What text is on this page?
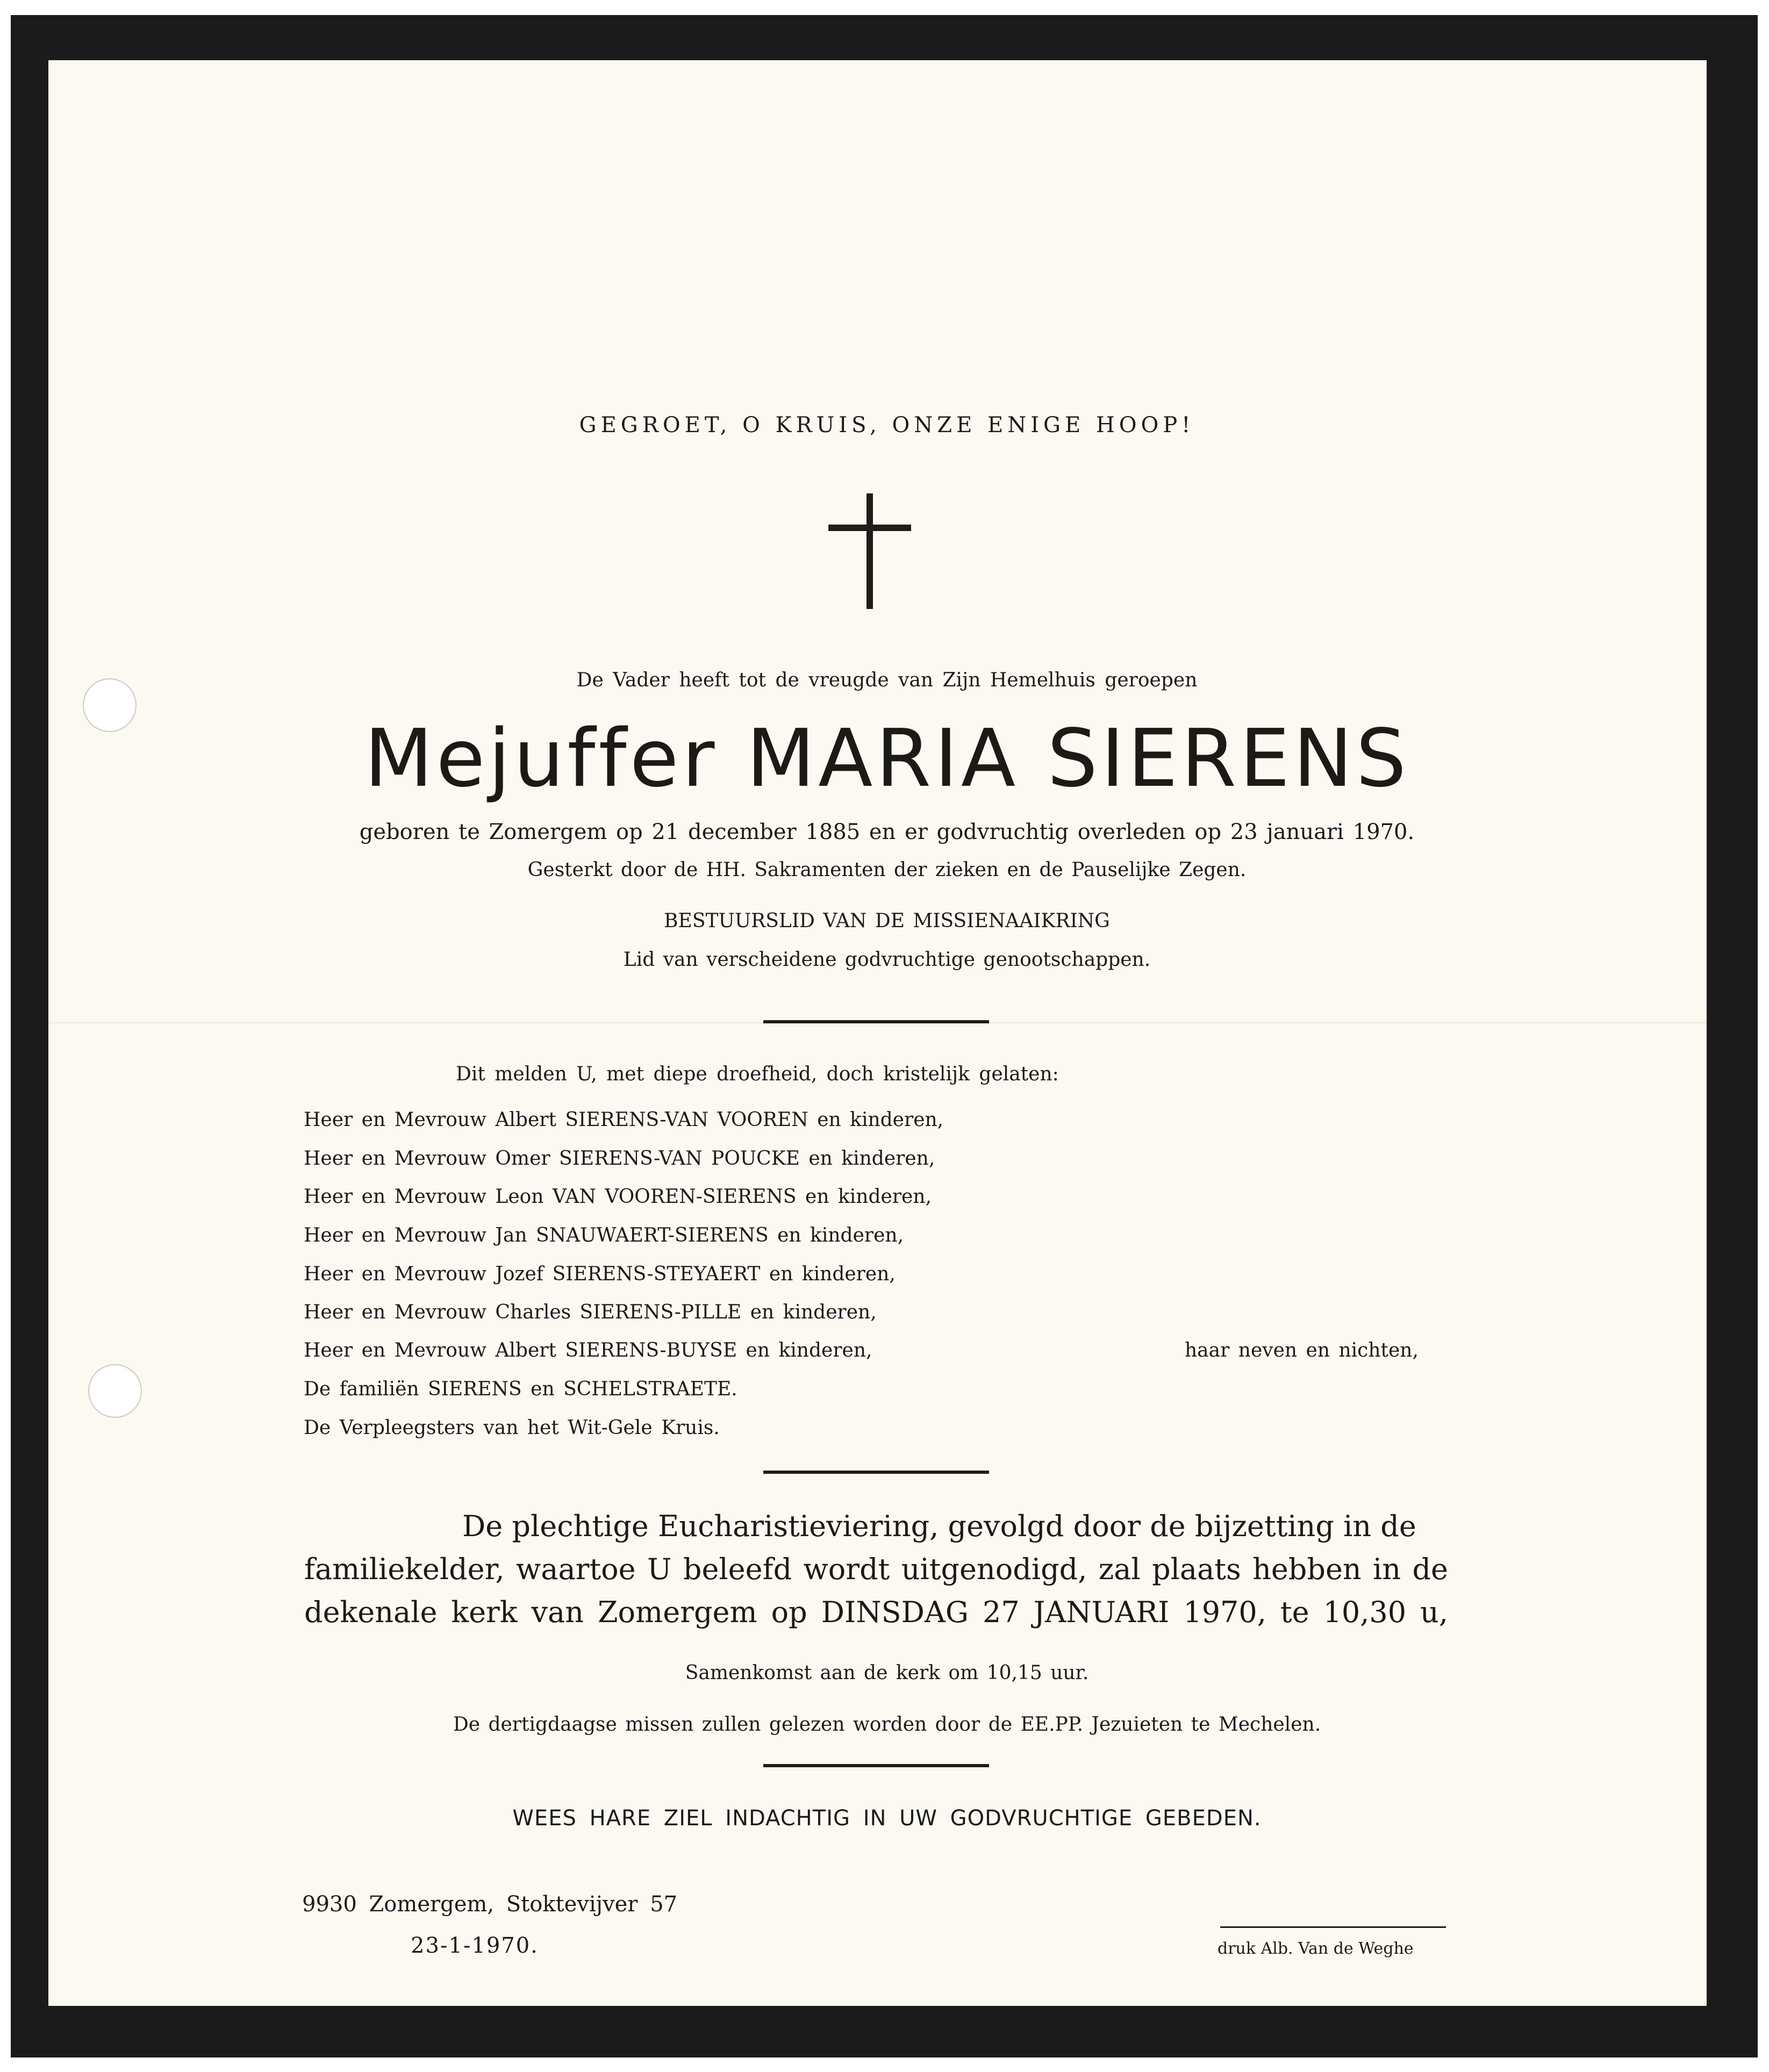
GEGROET, O KRUIS, ONZE ENIGE HOOP!
De Vader heeft tot de vreugde van Zijn Hemelhuis geroepen
Mejuffer MARIA SIERENS
geboren te Zomergem op 21 december 1885 en er godvruchtig overleden op 23 januari 1970.
Gesterkt door de HH. Sakramenten der zieken en de Pauselijke Zegen.
BESTUURSLID VAN DE MISSIENAAIKRING
Lid van verscheidene godvruchtige genootschappen.
Dit melden U, met diepe droefheid, doch kristelijk gelaten:
Heer en Mevrouw Albert SIERENS-VAN VOOREN en kinderen,
Heer en Mevrouw Omer SIERENS-VAN POUCKE en kinderen,
Heer en Mevrouw Leon VAN VOOREN-SIERENS en kinderen,
Heer en Mevrouw Jan SNAUWAERT-SIERENS en kinderen,
Heer en Mevrouw Jozef SIERENS-STEYAERT en kinderen,
Heer en Mevrouw Charles SIERENS-PILLE en kinderen,
Heer en Mevrouw Albert SIERENS-BUYSE en kinderen,
De familiën SIERENS en SCHELSTRAETE.
De Verpleegsters van het Wit-Gele Kruis.
haar neven en nichten,
De plechtige Eucharistieviering, gevolgd door de bijzetting in de
familiekelder, waartoe U beleefd wordt uitgenodigd, zal plaats hebben in de
dekenale kerk van Zomergem op DINSDAG 27 JANUARI 1970, te 10,30 u,
Samenkomst aan de kerk om 10,15 uur.
De dertigdaagse missen zullen gelezen worden door de EE.PP. Jezuieten te Mechelen.
WEES HARE ZIEL INDACHTIG IN UW GODVRUCHTIGE GEBEDEN.
9930 Zomergem, Stoktevijver 57
23-1-1970.	druk Alb. Van de Weghe
